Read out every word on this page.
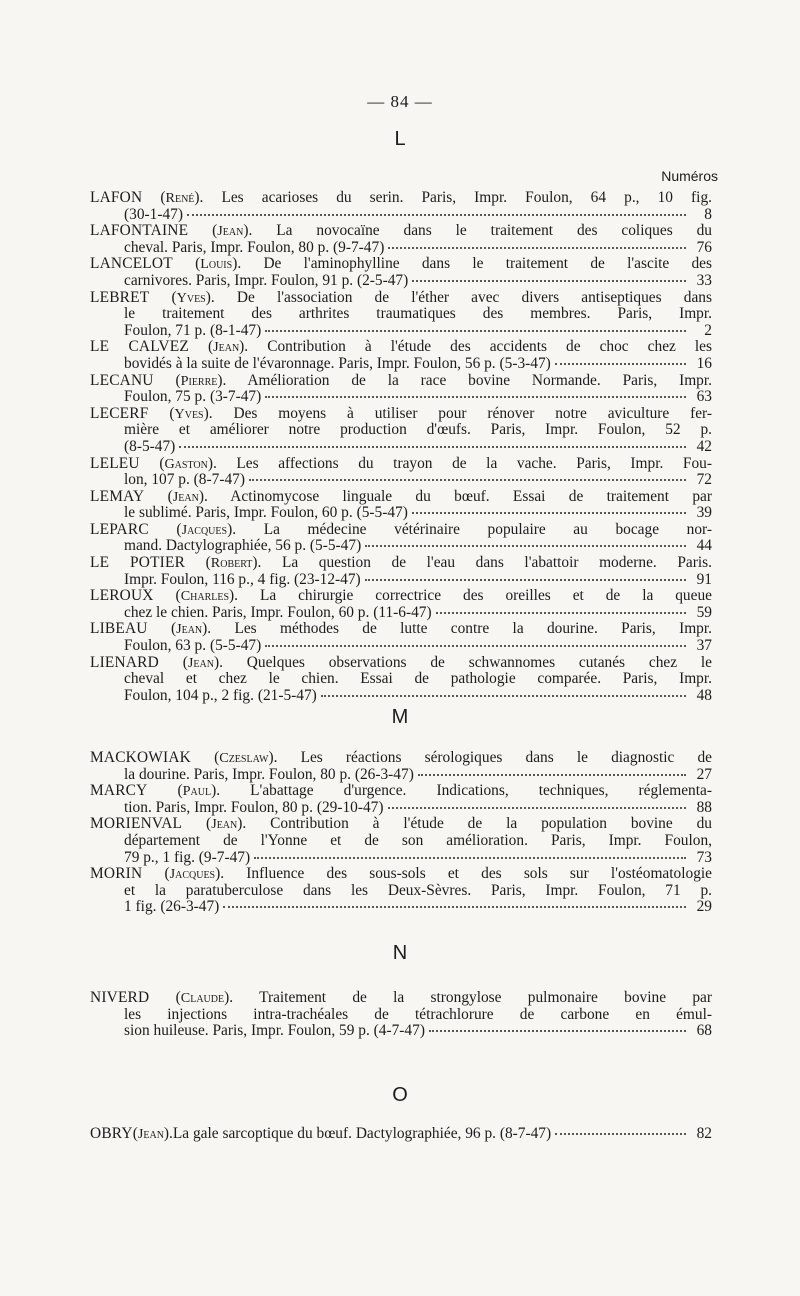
— 84 —
Numéros
L
M
N
O
LAFON (René). Les acarioses du serin. Paris, Impr. Foulon, 64 p., 10 fig.
(30-1-47)	8
LAFONTAINE (Jean). La novocaïne dans le traitement des coliques du
cheval. Paris, Impr. Foulon, 80 p. (9-7-47)	76
LANCELOT (Louis). De l'aminophylline dans le traitement de l'ascite des
carnivores. Paris, Impr. Foulon, 91 p. (2-5-47)	33
LEBRET (Yves). De l'association de l'éther avec divers antiseptiques dans
le traitement des arthrites traumatiques des membres. Paris, Impr.
Foulon, 71 p. (8-1-47)	2
LE CALVEZ (Jean). Contribution à l'étude des accidents de choc chez les
bovidés à la suite de l'évaronnage. Paris, Impr. Foulon, 56 p. (5-3-47)	16
LECANU (Pierre). Amélioration de la race bovine Normande. Paris, Impr.
Foulon, 75 p. (3-7-47)	63
LECERF (Yves). Des moyens à utiliser pour rénover notre aviculture fer-
mière et améliorer notre production d'œufs. Paris, Impr. Foulon, 52 p.
(8-5-47)	42
LELEU (Gaston). Les affections du trayon de la vache. Paris, Impr. Fou-
lon, 107 p. (8-7-47)	72
LEMAY (Jean). Actinomycose linguale du bœuf. Essai de traitement par
le sublimé. Paris, Impr. Foulon, 60 p. (5-5-47)	39
LEPARC (Jacques). La médecine vétérinaire populaire au bocage nor-
mand. Dactylographiée, 56 p. (5-5-47)	44
LE POTIER (Robert). La question de l'eau dans l'abattoir moderne. Paris.
Impr. Foulon, 116 p., 4 fig. (23-12-47)	91
LEROUX (Charles). La chirurgie correctrice des oreilles et de la queue
chez le chien. Paris, Impr. Foulon, 60 p. (11-6-47)	59
LIBEAU (Jean). Les méthodes de lutte contre la dourine. Paris, Impr.
Foulon, 63 p. (5-5-47)	37
LIENARD (Jean). Quelques observations de schwannomes cutanés chez le
cheval et chez le chien. Essai de pathologie comparée. Paris, Impr.
Foulon, 104 p., 2 fig. (21-5-47)	48
MACKOWIAK (Czeslaw). Les réactions sérologiques dans le diagnostic de
la dourine. Paris, Impr. Foulon, 80 p. (26-3-47)	27
MARCY (Paul). L'abattage d'urgence. Indications, techniques, réglementa-
tion. Paris, Impr. Foulon, 80 p. (29-10-47)	88
MORIENVAL (Jean). Contribution à l'étude de la population bovine du
département de l'Yonne et de son amélioration. Paris, Impr. Foulon,
79 p., 1 fig. (9-7-47)	73
MORIN (Jacques). Influence des sous-sols et des sols sur l'ostéomatologie
et la paratuberculose dans les Deux-Sèvres. Paris, Impr. Foulon, 71 p.
1 fig. (26-3-47)	29
NIVERD (Claude). Traitement de la strongylose pulmonaire bovine par
les injections intra-trachéales de tétrachlorure de carbone en émul-
sion huileuse. Paris, Impr. Foulon, 59 p. (4-7-47)	68
OBRY ( Jean ). La gale sarcoptique du bœuf. Dactylographiée, 96 p. (8-7-47)	82
